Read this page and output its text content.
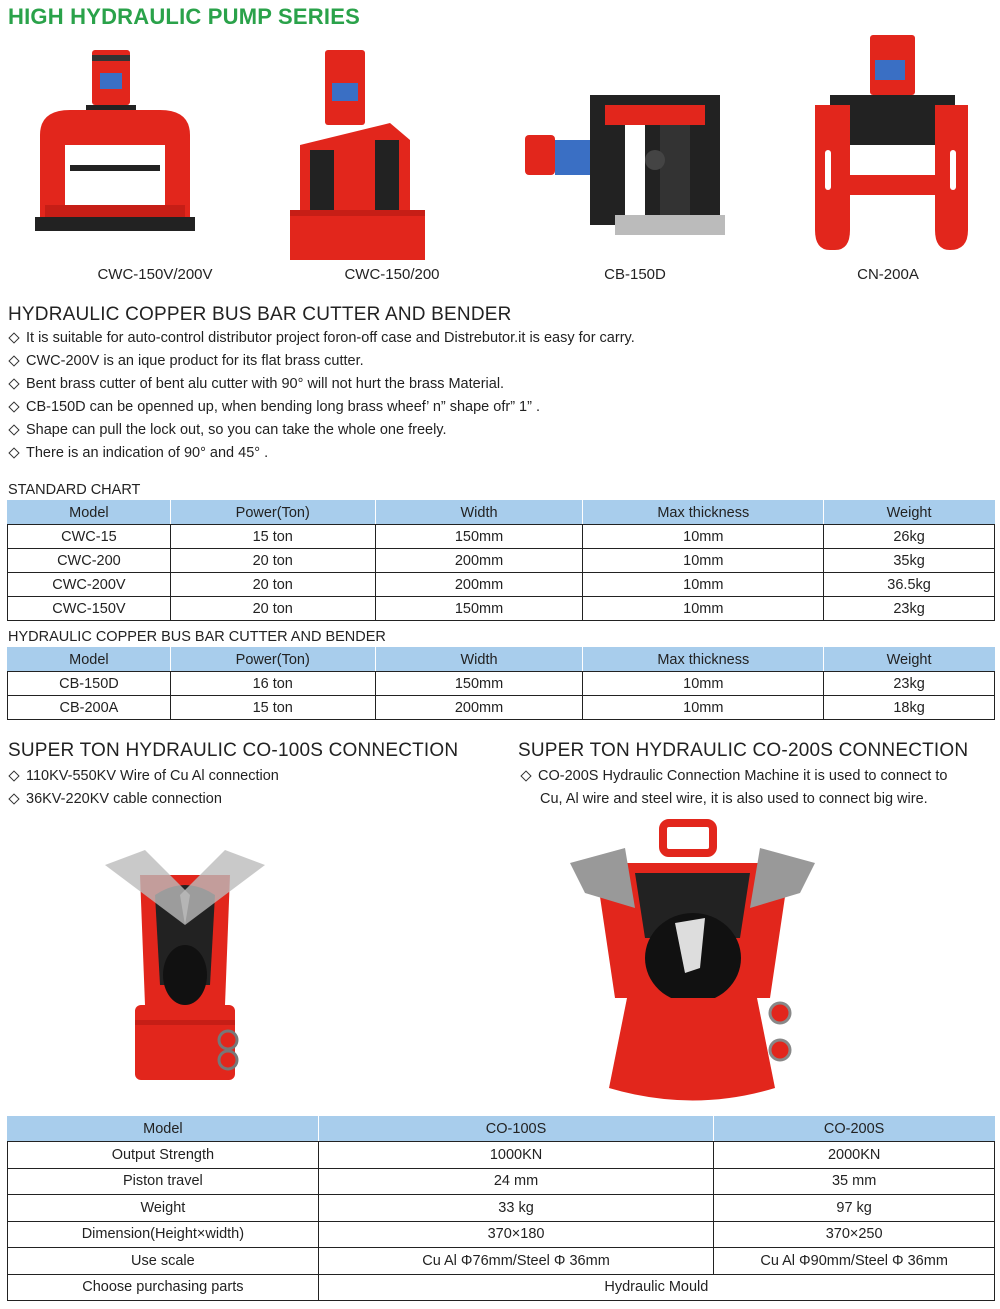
HIGH HYDRAULIC PUMP SERIES
CWC-150V/200V	CWC-150/200	CB-150D	CN-200A
HYDRAULIC COPPER BUS BAR CUTTER AND BENDER
It is suitable for auto-control distributor project foron-off case and Distrebutor.it is easy for carry.
CWC-200V is an ique product for its flat brass cutter.
Bent brass cutter of bent alu cutter with 90° will not hurt the brass Material.
CB-150D can be openned up, when bending long brass wheef’ n” shape ofr” 1” .
Shape can pull the lock out, so you can take the whole one freely.
There is an indication of 90° and 45° .
STANDARD CHART
Model	Power(Ton)	Width	Max thickness	Weight
CWC-15	15 ton	150mm	10mm	26kg
CWC-200	20 ton	200mm	10mm	35kg
CWC-200V	20 ton	200mm	10mm	36.5kg
CWC-150V	20 ton	150mm	10mm	23kg
HYDRAULIC COPPER BUS BAR CUTTER AND BENDER
Model	Power(Ton)	Width	Max thickness	Weight
CB-150D	16 ton	150mm	10mm	23kg
CB-200A	15 ton	200mm	10mm	18kg
SUPER TON HYDRAULIC CO-100S CONNECTION
110KV-550KV Wire of Cu Al connection
36KV-220KV cable connection
SUPER TON HYDRAULIC CO-200S CONNECTION
CO-200S Hydraulic Connection Machine it is used to connect to
Cu, Al wire and steel wire, it is also used to connect big wire.
Model	CO-100S	CO-200S
Output Strength	1000KN	2000KN
Piston travel	24 mm	35 mm
Weight	33 kg	97 kg
Dimension(Height×width)	370×180	370×250
Use scale	Cu Al Φ76mm/Steel Φ 36mm	Cu Al Φ90mm/Steel Φ 36mm
Choose purchasing parts	Hydraulic Mould	
